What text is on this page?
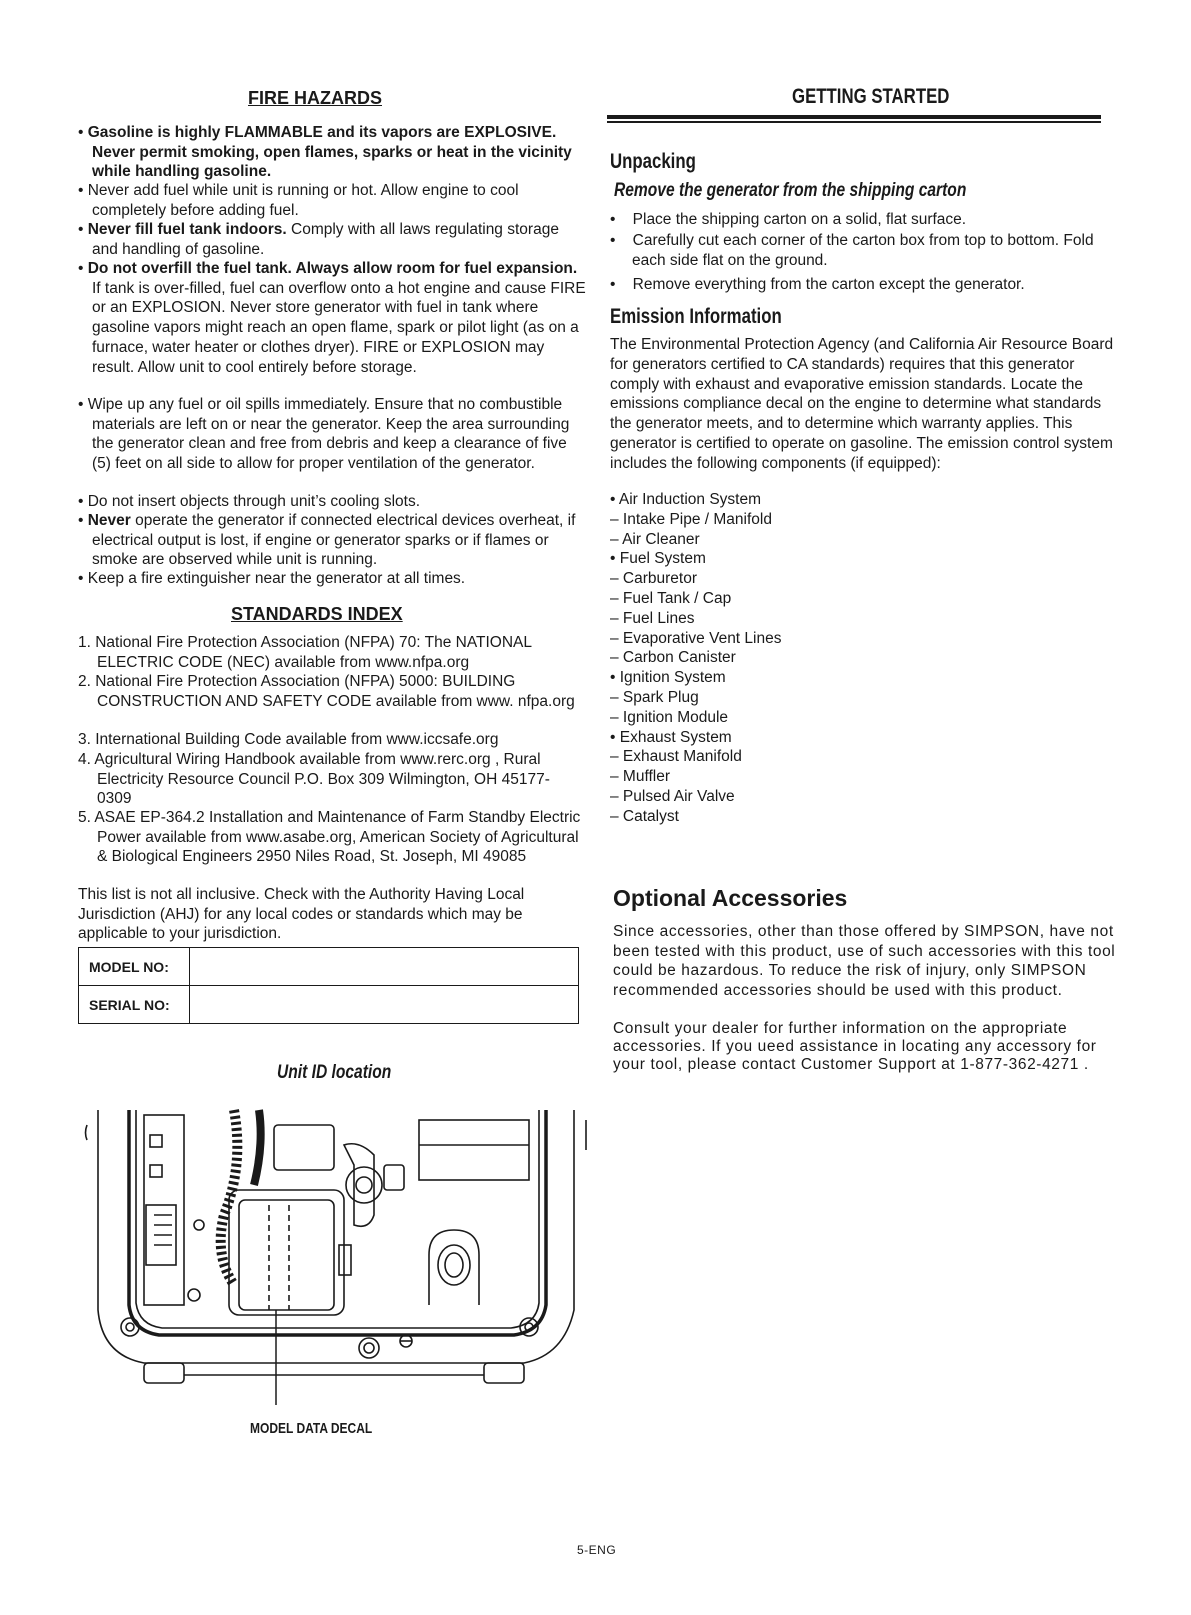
FIRE HAZARDS
• Gasoline is highly FLAMMABLE and its vapors are EXPLOSIVE. Never permit smoking, open flames, sparks or heat in the vicinity while handling gasoline.
• Never add fuel while unit is running or hot. Allow engine to cool completely before adding fuel.
• Never fill fuel tank indoors. Comply with all laws regulating storage and handling of gasoline.
• Do not overfill the fuel tank. Always allow room for fuel expansion. If tank is over-filled, fuel can overflow onto a hot engine and cause FIRE or an EXPLOSION. Never store generator with fuel in tank where gasoline vapors might reach an open flame, spark or pilot light (as on a furnace, water heater or clothes dryer). FIRE or EXPLOSION may result. Allow unit to cool entirely before storage.
• Wipe up any fuel or oil spills immediately. Ensure that no combustible materials are left on or near the generator. Keep the area surrounding the generator clean and free from debris and keep a clearance of five (5) feet on all side to allow for proper ventilation of the generator.
• Do not insert objects through unit’s cooling slots.
• Never operate the generator if connected electrical devices overheat, if electrical output is lost, if engine or generator sparks or if flames or smoke are observed while unit is running.
• Keep a fire extinguisher near the generator at all times.
STANDARDS INDEX
1. National Fire Protection Association (NFPA) 70: The NATIONAL ELECTRIC CODE (NEC) available from www.nfpa.org
2. National Fire Protection Association (NFPA) 5000: BUILDING CONSTRUCTION AND SAFETY CODE available from www. nfpa.org
3. International Building Code available from www.iccsafe.org
4. Agricultural Wiring Handbook available from www.rerc.org , Rural Electricity Resource Council P.O. Box 309 Wilmington, OH 45177-0309
5. ASAE EP-364.2 Installation and Maintenance of Farm Standby Electric Power available from www.asabe.org, American Society of Agricultural & Biological Engineers 2950 Niles Road, St. Joseph, MI 49085
This list is not all inclusive. Check with the Authority Having Local Jurisdiction (AHJ) for any local codes or standards which may be applicable to your jurisdiction.
MODEL NO:	
SERIAL NO:	
Unit ID location
MODEL DATA DECAL
GETTING STARTED
Unpacking
Remove the generator from the shipping carton
•    Place the shipping carton on a solid, flat surface.
•    Carefully cut each corner of the carton box from top to bottom. Fold each side flat on the ground.
•    Remove everything from the carton except the generator.
Emission Information
The Environmental Protection Agency (and California Air Resource Board for generators certified to CA standards) requires that this generator comply with exhaust and evaporative emission standards. Locate the emissions compliance decal on the engine to determine what standards the generator meets, and to determine which warranty applies. This generator is certified to operate on gasoline. The emission control system includes the following components (if equipped):
• Air Induction System
– Intake Pipe / Manifold
– Air Cleaner
• Fuel System
– Carburetor
– Fuel Tank / Cap
– Fuel Lines
– Evaporative Vent Lines
– Carbon Canister
• Ignition System
– Spark Plug
– Ignition Module
• Exhaust System
– Exhaust Manifold
– Muffler
– Pulsed Air Valve
– Catalyst
Optional Accessories
Since accessories, other than those offered by SIMPSON, have not been tested with this product, use of such accessories with this tool could be hazardous. To reduce the risk of injury, only SIMPSON recommended accessories should be used with this product.
Consult your dealer for further information on the appropriate accessories. If you ueed assistance in locating any accessory for your tool, please contact Customer Support at 1-877-362-4271 .
5-ENG
